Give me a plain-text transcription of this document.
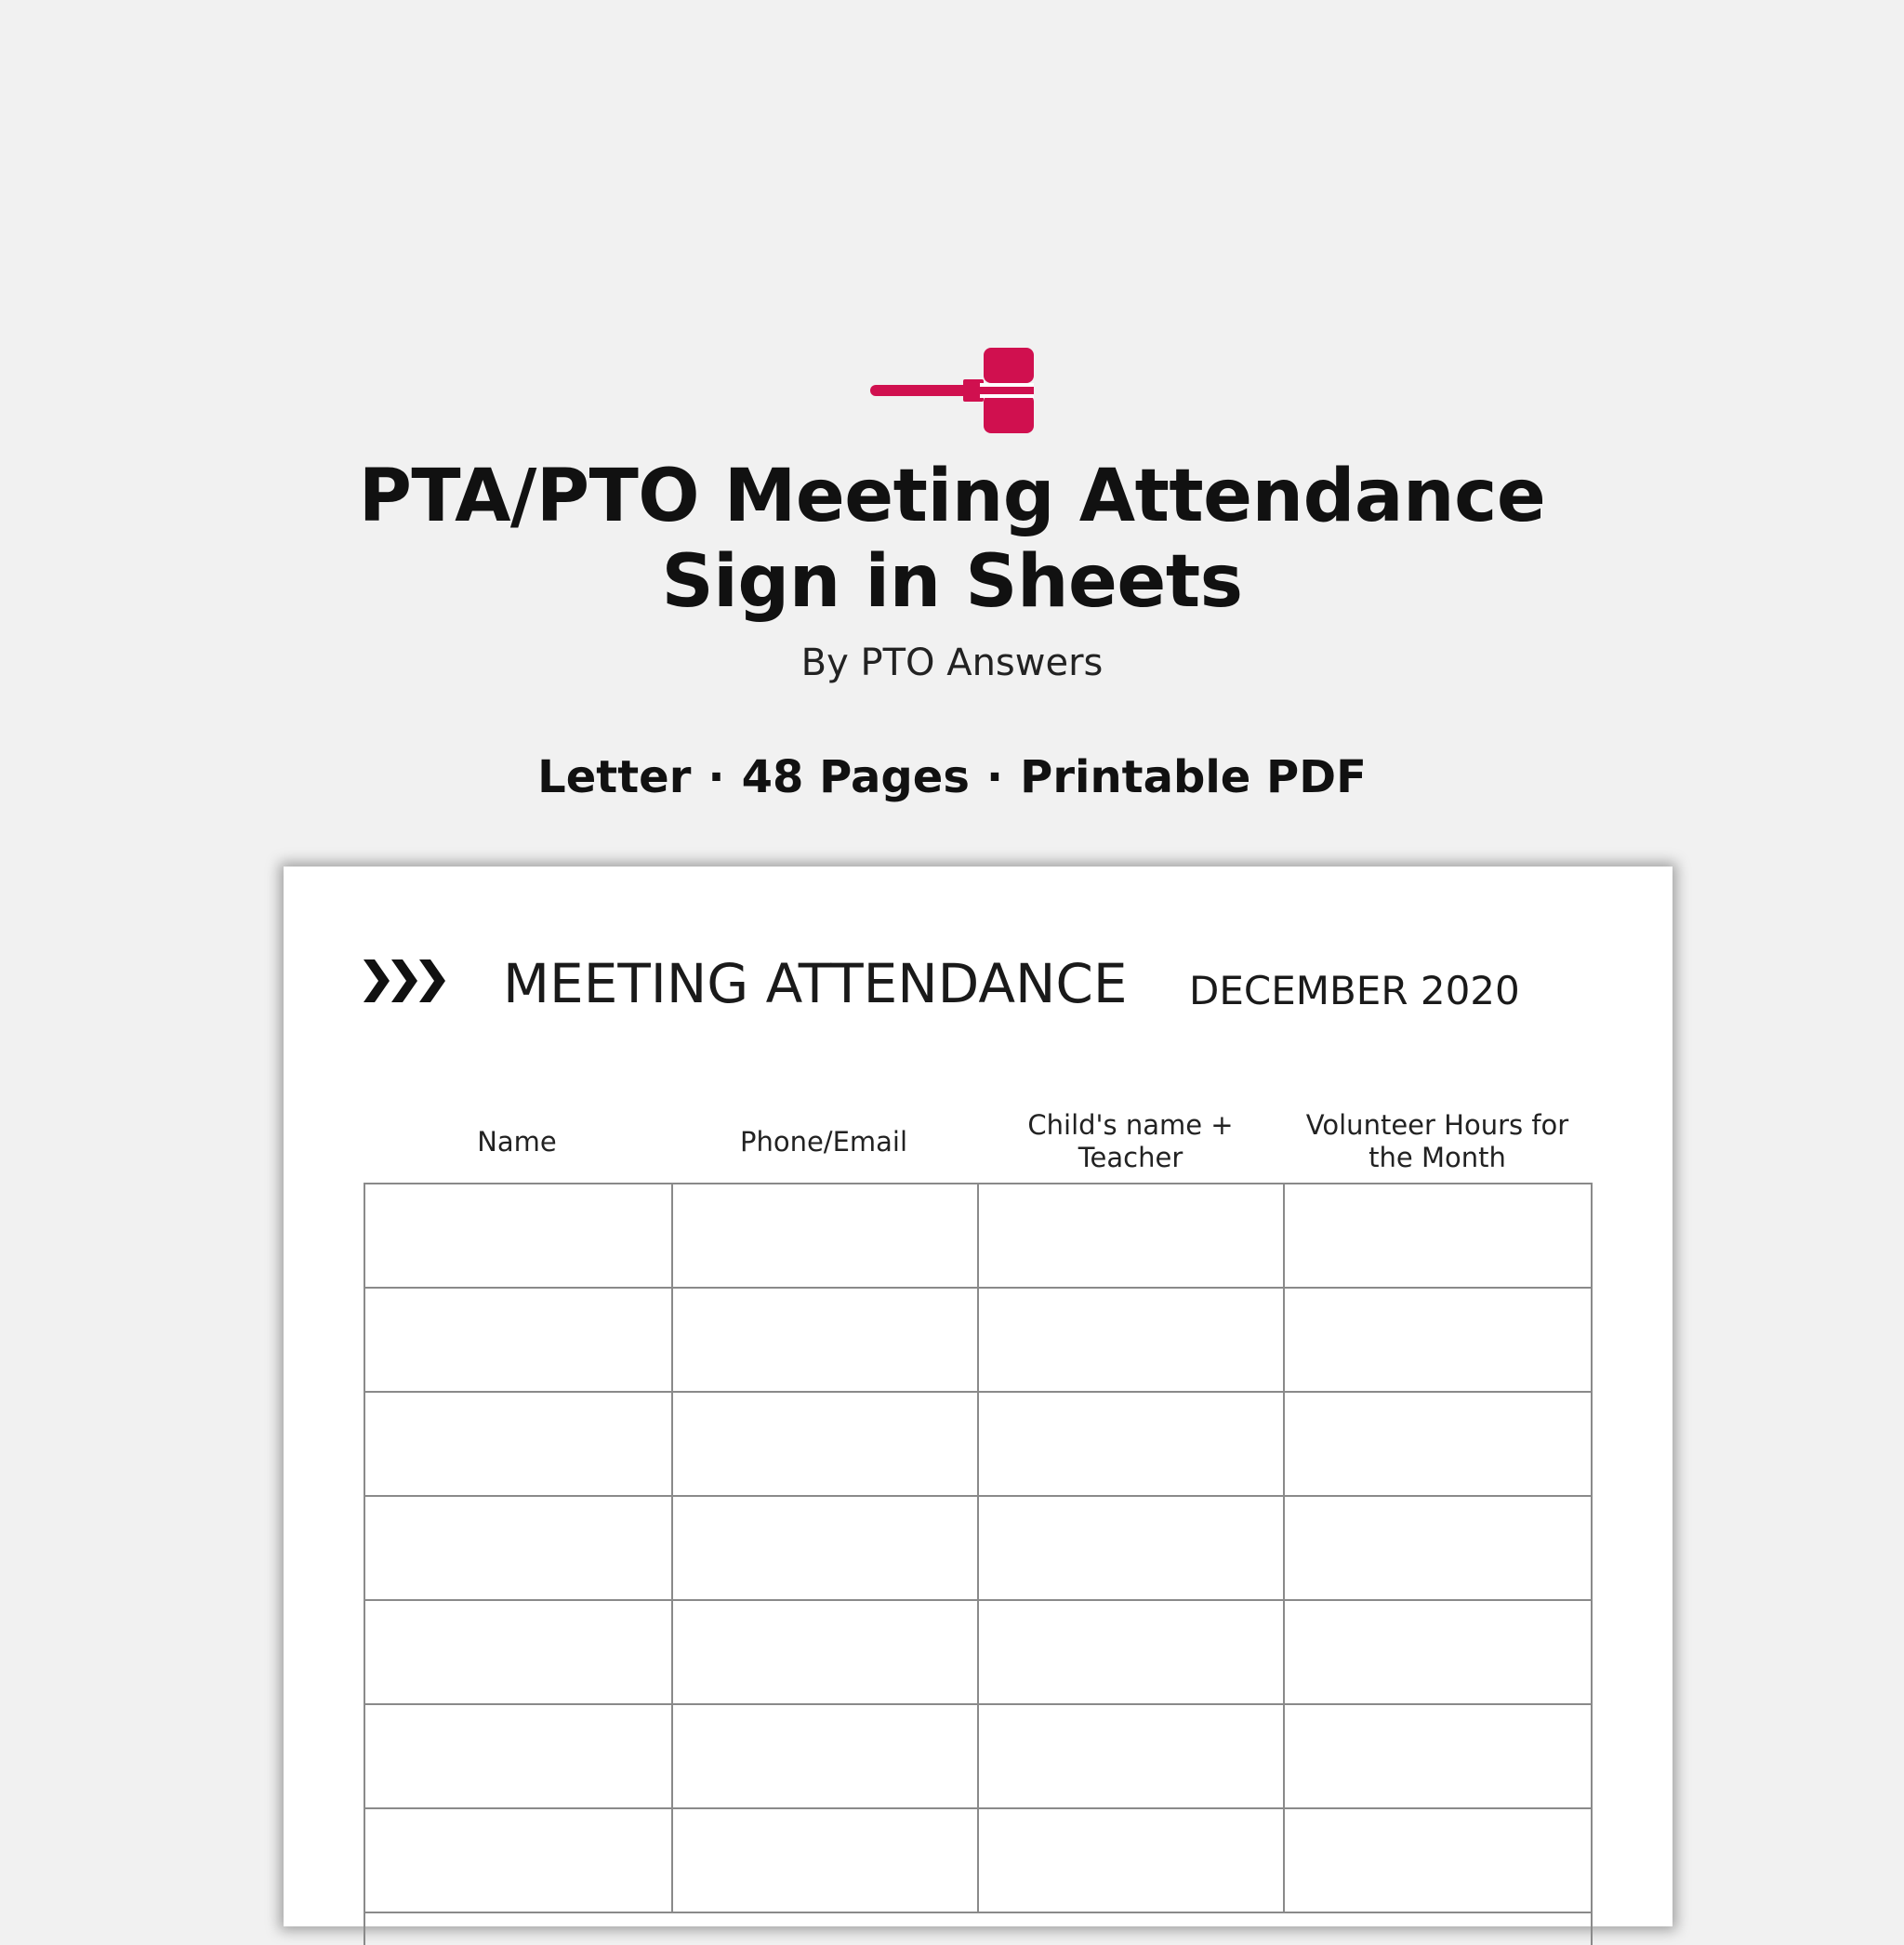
PTA/PTO Meeting Attendance
Sign in Sheets
By PTO Answers
Letter · 48 Pages · Printable PDF
MEETING ATTENDANCE DECEMBER 2020
Name	Phone/Email
Child's name + Teacher
Volunteer Hours for the Month
